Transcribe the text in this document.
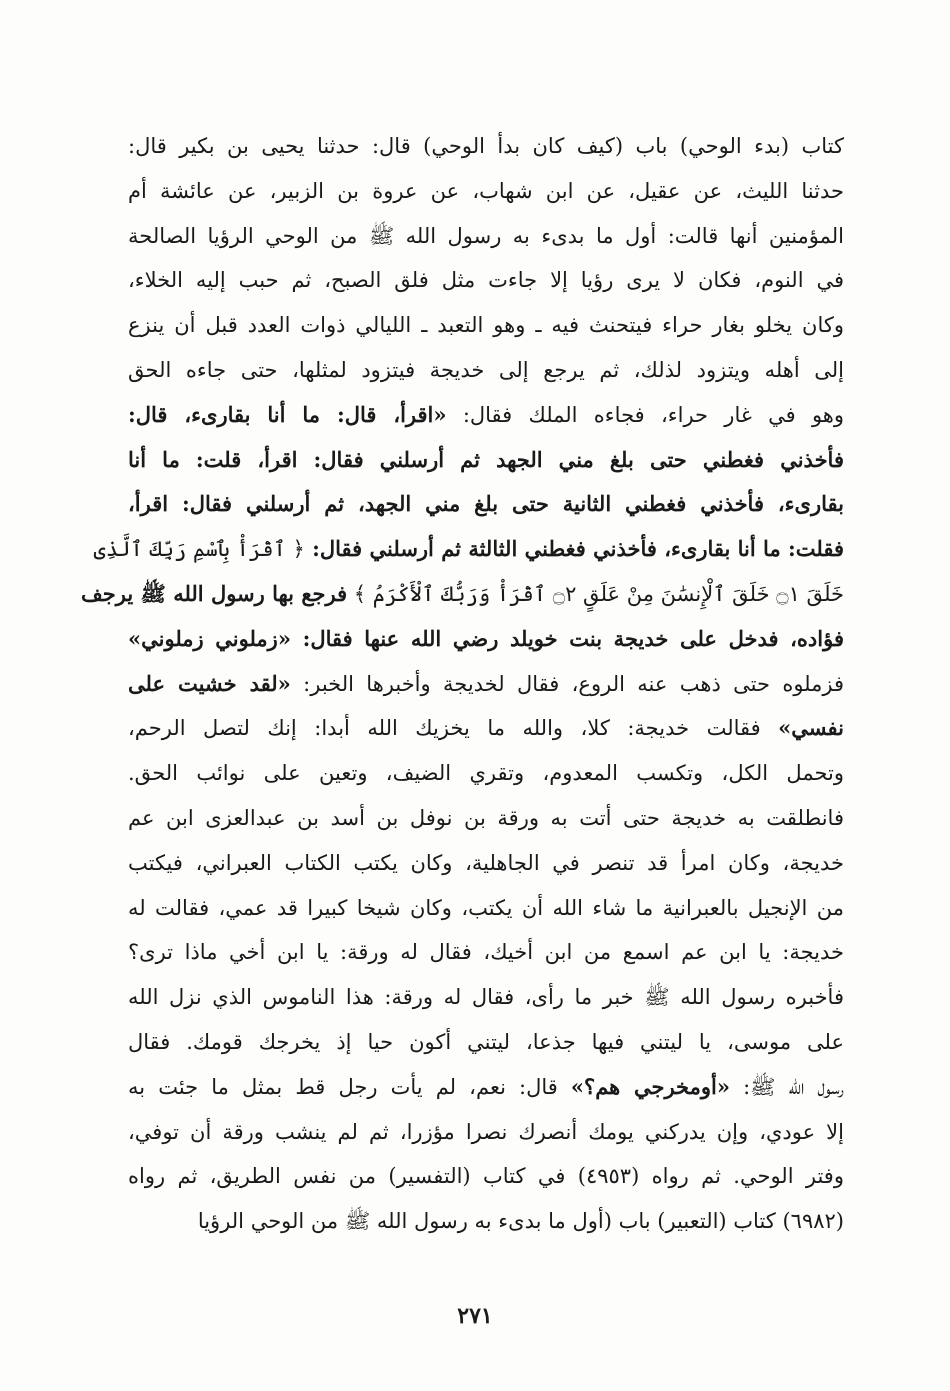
كتاب (بدء الوحي) باب (كيف كان بدأ الوحي) قال: حدثنا يحيى بن بكير قال:
حدثنا الليث، عن عقيل، عن ابن شهاب، عن عروة بن الزبير، عن عائشة أم
المؤمنين أنها قالت: أول ما بدىء به رسول الله ﷺ من الوحي الرؤيا الصالحة
في النوم، فكان لا يرى رؤيا إلا جاءت مثل فلق الصبح، ثم حبب إليه الخلاء،
وكان يخلو بغار حراء فيتحنث فيه ـ وهو التعبد ـ الليالي ذوات العدد قبل أن ينزع
إلى أهله ويتزود لذلك، ثم يرجع إلى خديجة فيتزود لمثلها، حتى جاءه الحق
وهو في غار حراء، فجاءه الملك فقال: «اقرأ، قال: ما أنا بقارىء، قال:
فأخذني فغطني حتى بلغ مني الجهد ثم أرسلني فقال: اقرأ، قلت: ما أنا
بقارىء، فأخذني فغطني الثانية حتى بلغ مني الجهد، ثم أرسلني فقال: اقرأ،
فقلت: ما أنا بقارىء، فأخذني فغطني الثالثة ثم أرسلني فقال: ﴿ ٱقْرَأْ بِٱسْمِ رَبِّكَ ٱلَّذِى
خَلَقَ ۝١ خَلَقَ ٱلْإِنسَٰنَ مِنْ عَلَقٍ ۝٢ ٱقْرَأْ وَرَبُّكَ ٱلْأَكْرَمُ ﴾ فرجع بها رسول الله ﷺ يرجف
فؤاده، فدخل على خديجة بنت خويلد رضي الله عنها فقال: «زملوني زملوني»
فزملوه حتى ذهب عنه الروع، فقال لخديجة وأخبرها الخبر: «لقد خشيت على
نفسي» فقالت خديجة: كلا، والله ما يخزيك الله أبدا: إنك لتصل الرحم،
وتحمل الكل، وتكسب المعدوم، وتقري الضيف، وتعين على نوائب الحق.
فانطلقت به خديجة حتى أتت به ورقة بن نوفل بن أسد بن عبدالعزى ابن عم
خديجة، وكان امرأ قد تنصر في الجاهلية، وكان يكتب الكتاب العبراني، فيكتب
من الإنجيل بالعبرانية ما شاء الله أن يكتب، وكان شيخا كبيرا قد عمي، فقالت له
خديجة: يا ابن عم اسمع من ابن أخيك، فقال له ورقة: يا ابن أخي ماذا ترى؟
فأخبره رسول الله ﷺ خبر ما رأى، فقال له ورقة: هذا الناموس الذي نزل الله
على موسى، يا ليتني فيها جذعا، ليتني أكون حيا إذ يخرجك قومك. فقال
رسول الله ﷺ: «أومخرجي هم؟» قال: نعم، لم يأت رجل قط بمثل ما جئت به
إلا عودي، وإن يدركني يومك أنصرك نصرا مؤزرا، ثم لم ينشب ورقة أن توفي،
وفتر الوحي. ثم رواه (٤٩٥٣) في كتاب (التفسير) من نفس الطريق، ثم رواه
(٦٩٨٢) كتاب (التعبير) باب (أول ما بدىء به رسول الله ﷺ من الوحي الرؤيا
٢٧١
